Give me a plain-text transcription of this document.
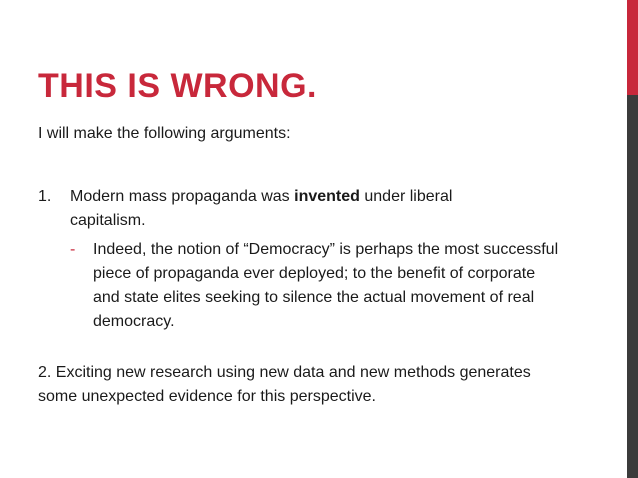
THIS IS WRONG.

I will make the following arguments:

1. Modern mass propaganda was invented under liberal capitalism.

- Indeed, the notion of “Democracy” is perhaps the most successful piece of propaganda ever deployed; to the benefit of corporate and state elites seeking to silence the actual movement of real democracy.

2. Exciting new research using new data and new methods generates some unexpected evidence for this perspective.
